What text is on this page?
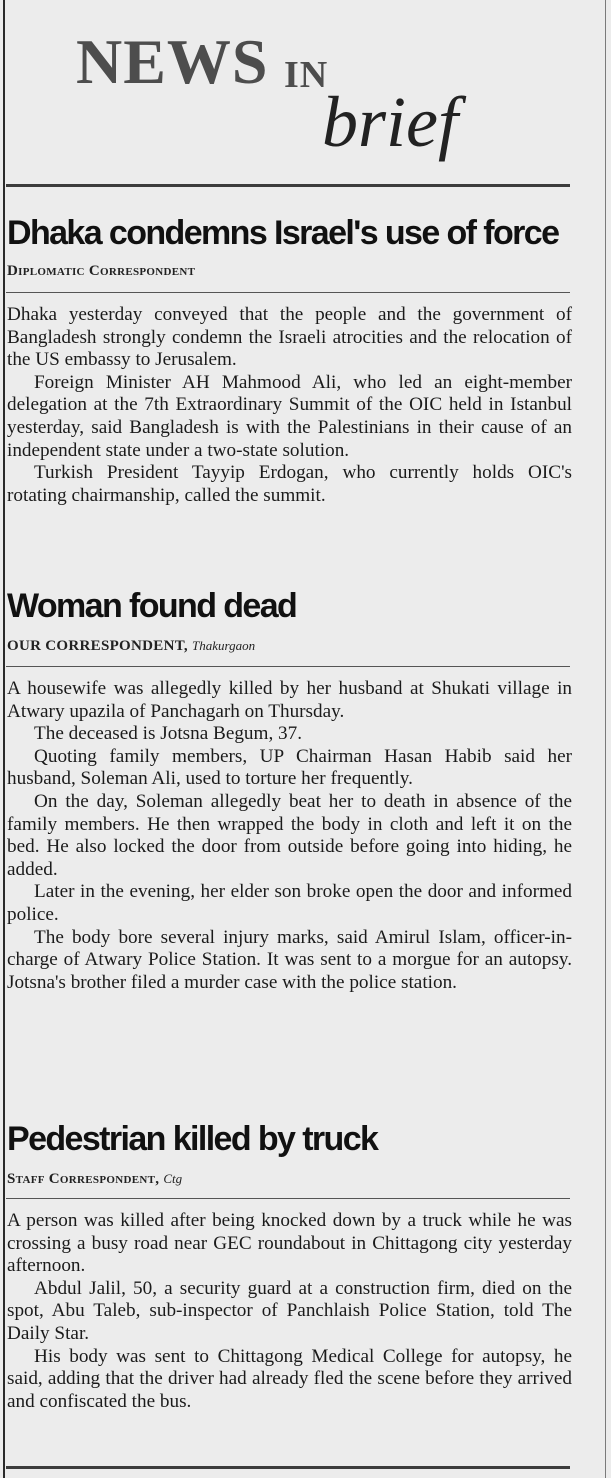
NEWS IN
brief
Dhaka condemns Israel's use of force
Diplomatic Correspondent

Dhaka yesterday conveyed that the people and the government of Bangladesh strongly condemn the Israeli atrocities and the relocation of the US embassy to Jerusalem.

Foreign Minister AH Mahmood Ali, who led an eight-member delegation at the 7th Extraordinary Summit of the OIC held in Istanbul yesterday, said Bangladesh is with the Palestinians in their cause of an independent state under a two-state solution.

Turkish President Tayyip Erdogan, who currently holds OIC's rotating chairmanship, called the summit.

Woman found dead
OUR CORRESPONDENT, Thakurgaon

A housewife was allegedly killed by her husband at Shukati village in Atwary upazila of Panchagarh on Thursday.

The deceased is Jotsna Begum, 37.

Quoting family members, UP Chairman Hasan Habib said her husband, Soleman Ali, used to torture her frequently.

On the day, Soleman allegedly beat her to death in absence of the family members. He then wrapped the body in cloth and left it on the bed. He also locked the door from outside before going into hiding, he added.

Later in the evening, her elder son broke open the door and informed police.

The body bore several injury marks, said Amirul Islam, officer-in-charge of Atwary Police Station. It was sent to a morgue for an autopsy. Jotsna's brother filed a murder case with the police station.

Pedestrian killed by truck
Staff Correspondent, Ctg

A person was killed after being knocked down by a truck while he was crossing a busy road near GEC roundabout in Chittagong city yesterday afternoon.

Abdul Jalil, 50, a security guard at a construction firm, died on the spot, Abu Taleb, sub-inspector of Panchlaish Police Station, told The Daily Star.

His body was sent to Chittagong Medical College for autopsy, he said, adding that the driver had already fled the scene before they arrived and confiscated the bus.
